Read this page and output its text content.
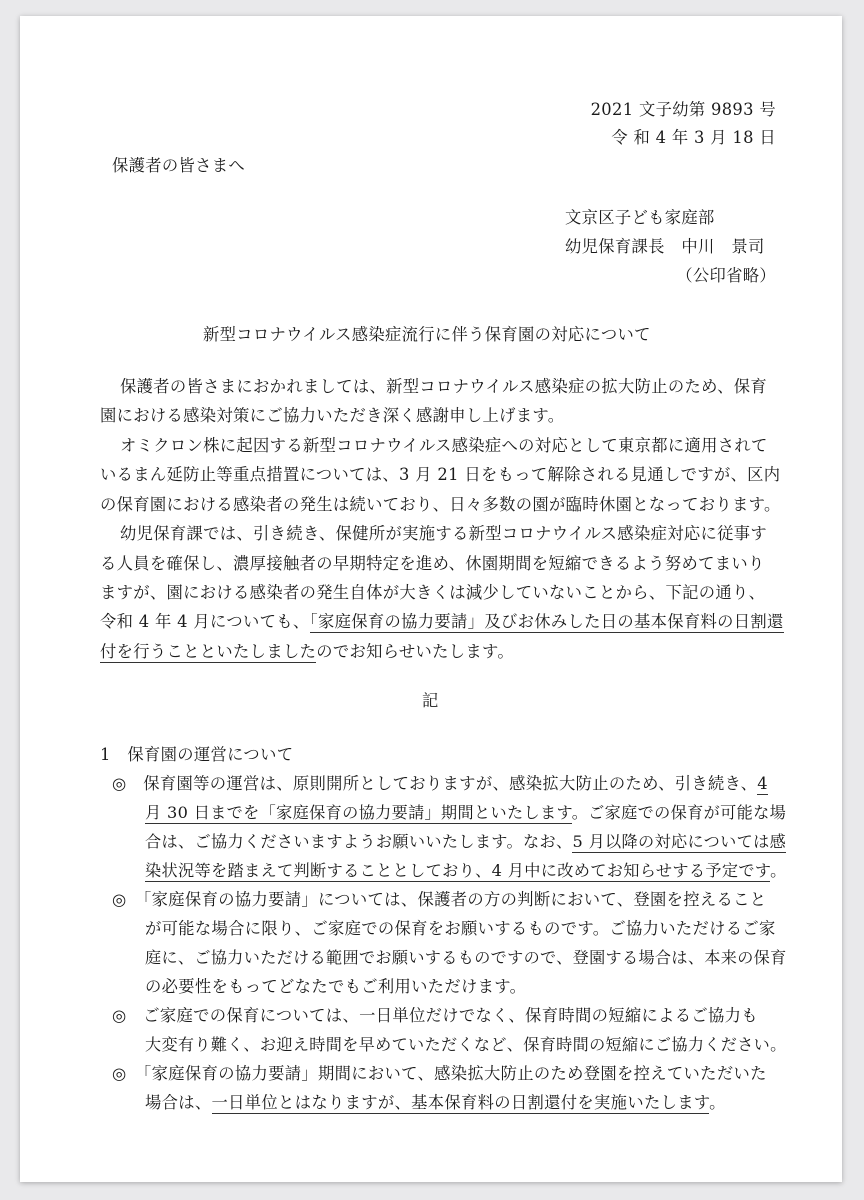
2021 文子幼第 9893 号
令 和 4 年 3 月 18 日
保護者の皆さまへ
文京区子ども家庭部
幼児保育課長　中川　景司
（公印省略）
新型コロナウイルス感染症流行に伴う保育園の対応について
保護者の皆さまにおかれましては、新型コロナウイルス感染症の拡大防止のため、保育
園における感染対策にご協力いただき深く感謝申し上げます。
オミクロン株に起因する新型コロナウイルス感染症への対応として東京都に適用されて
いるまん延防止等重点措置については、3 月 21 日をもって解除される見通しですが、区内
の保育園における感染者の発生は続いており、日々多数の園が臨時休園となっております。
幼児保育課では、引き続き、保健所が実施する新型コロナウイルス感染症対応に従事す
る人員を確保し、濃厚接触者の早期特定を進め、休園期間を短縮できるよう努めてまいり
ますが、園における感染者の発生自体が大きくは減少していないことから、下記の通り、
令和 4 年 4 月についても、「家庭保育の協力要請」及びお休みした日の基本保育料の日割還
付を行うことといたしましたのでお知らせいたします。
記
1　保育園の運営について
◎　保育園等の運営は、原則開所としておりますが、感染拡大防止のため、引き続き、4
月 30 日までを「家庭保育の協力要請」期間といたします。ご家庭での保育が可能な場
合は、ご協力くださいますようお願いいたします。なお、5 月以降の対応については感
染状況等を踏まえて判断することとしており、4 月中に改めてお知らせする予定です。
◎　「家庭保育の協力要請」については、保護者の方の判断において、登園を控えること
が可能な場合に限り、ご家庭での保育をお願いするものです。ご協力いただけるご家
庭に、ご協力いただける範囲でお願いするものですので、登園する場合は、本来の保育
の必要性をもってどなたでもご利用いただけます。
◎　ご家庭での保育については、一日単位だけでなく、保育時間の短縮によるご協力も
大変有り難く、お迎え時間を早めていただくなど、保育時間の短縮にご協力ください。
◎　「家庭保育の協力要請」期間において、感染拡大防止のため登園を控えていただいた
場合は、一日単位とはなりますが、基本保育料の日割還付を実施いたします。
